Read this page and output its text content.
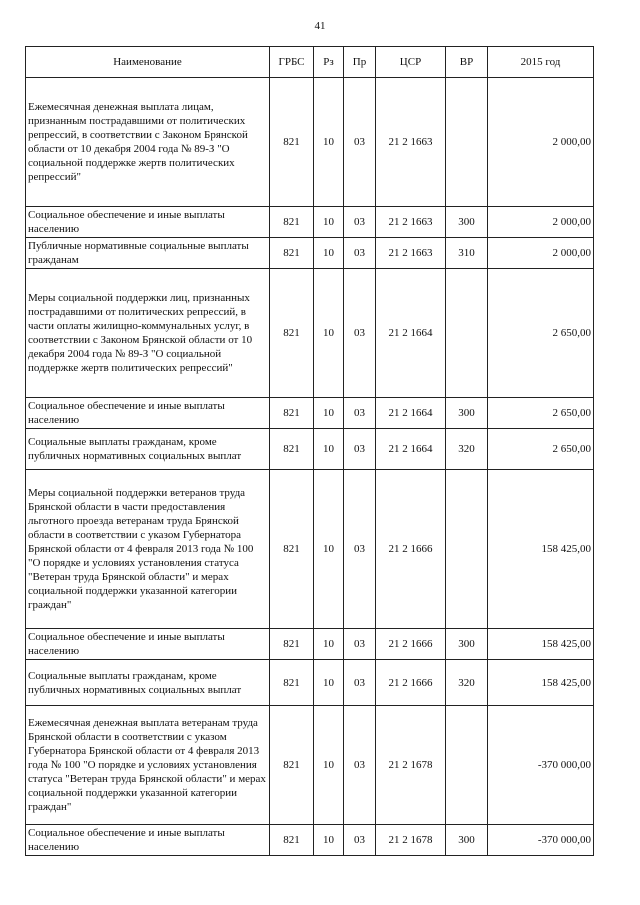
41
Наименование	ГРБС	Рз	Пр	ЦСР	ВР	2015 год
Ежемесячная денежная выплата лицам, признанным пострадавшими от политических репрессий, в соответствии с Законом Брянской области от 10 декабря 2004 года № 89-З "О социальной поддержке жертв политических репрессий"	821	10	03	21 2 1663		2 000,00
Социальное обеспечение и иные выплаты населению	821	10	03	21 2 1663	300	2 000,00
Публичные нормативные социальные выплаты гражданам	821	10	03	21 2 1663	310	2 000,00
Меры социальной поддержки лиц, признанных пострадавшими от политических репрессий, в части оплаты жилищно-коммунальных услуг, в соответствии с Законом Брянской области от 10 декабря 2004 года № 89-З "О социальной поддержке жертв политических репрессий"	821	10	03	21 2 1664		2 650,00
Социальное обеспечение и иные выплаты населению	821	10	03	21 2 1664	300	2 650,00
Социальные выплаты гражданам, кроме публичных нормативных социальных выплат	821	10	03	21 2 1664	320	2 650,00
Меры социальной поддержки ветеранов труда Брянской области в части предоставления льготного проезда ветеранам труда Брянской области в соответствии с указом Губернатора Брянской области от 4 февраля 2013 года № 100 "О порядке и условиях установления статуса "Ветеран труда Брянской области" и мерах социальной поддержки указанной категории граждан"	821	10	03	21 2 1666		158 425,00
Социальное обеспечение и иные выплаты населению	821	10	03	21 2 1666	300	158 425,00
Социальные выплаты гражданам, кроме публичных нормативных социальных выплат	821	10	03	21 2 1666	320	158 425,00
Ежемесячная денежная выплата ветеранам труда Брянской области в соответствии с указом Губернатора Брянской области от 4 февраля 2013 года № 100 "О порядке и условиях установления статуса "Ветеран труда Брянской области" и мерах социальной поддержки указанной категории граждан"	821	10	03	21 2 1678		-370 000,00
Социальное обеспечение и иные выплаты населению	821	10	03	21 2 1678	300	-370 000,00
